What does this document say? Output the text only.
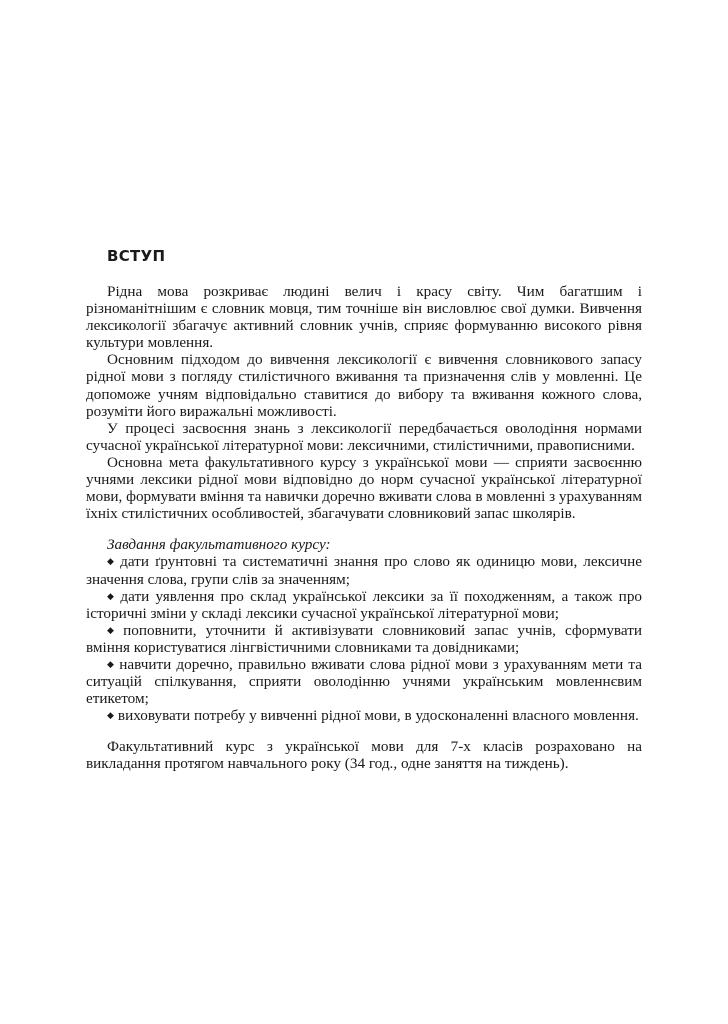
ВСТУП

Рідна мова розкриває людині велич і красу світу. Чим багатшим і різноманітнішим є словник мовця, тим точніше він висловлює свої думки. Вивчення лексикології збагачує активний словник учнів, сприяє формуванню високого рівня культури мовлення.

Основним підходом до вивчення лексикології є вивчення словникового запасу рідної мови з погляду стилістичного вживання та призначення слів у мовленні. Це допоможе учням відповідально ставитися до вибору та вживання кожного слова, розуміти його виражальні можливості.

У процесі засвоєння знань з лексикології передбачається оволодіння нормами сучасної української літературної мови: лексичними, стилістичними, правописними.

Основна мета факультативного курсу з української мови — сприяти засвоєнню учнями лексики рідної мови відповідно до норм сучасної української літературної мови, формувати вміння та навички доречно вживати слова в мовленні з урахуванням їхніх стилістичних особливостей, збагачувати словниковий запас школярів.

Завдання факультативного курсу:

◆ дати ґрунтовні та систематичні знання про слово як одиницю мови, лексичне значення слова, групи слів за значенням;

◆ дати уявлення про склад української лексики за її походженням, а також про історичні зміни у складі лексики сучасної української літературної мови;

◆ поповнити, уточнити й активізувати словниковий запас учнів, сформувати вміння користуватися лінгвістичними словниками та довідниками;

◆ навчити доречно, правильно вживати слова рідної мови з урахуванням мети та ситуацій спілкування, сприяти оволодінню учнями українським мовленнєвим етикетом;

◆ виховувати потребу у вивченні рідної мови, в удосконаленні власного мовлення.

Факультативний курс з української мови для 7-х класів розраховано на викладання протягом навчального року (34 год., одне заняття на тиждень).
